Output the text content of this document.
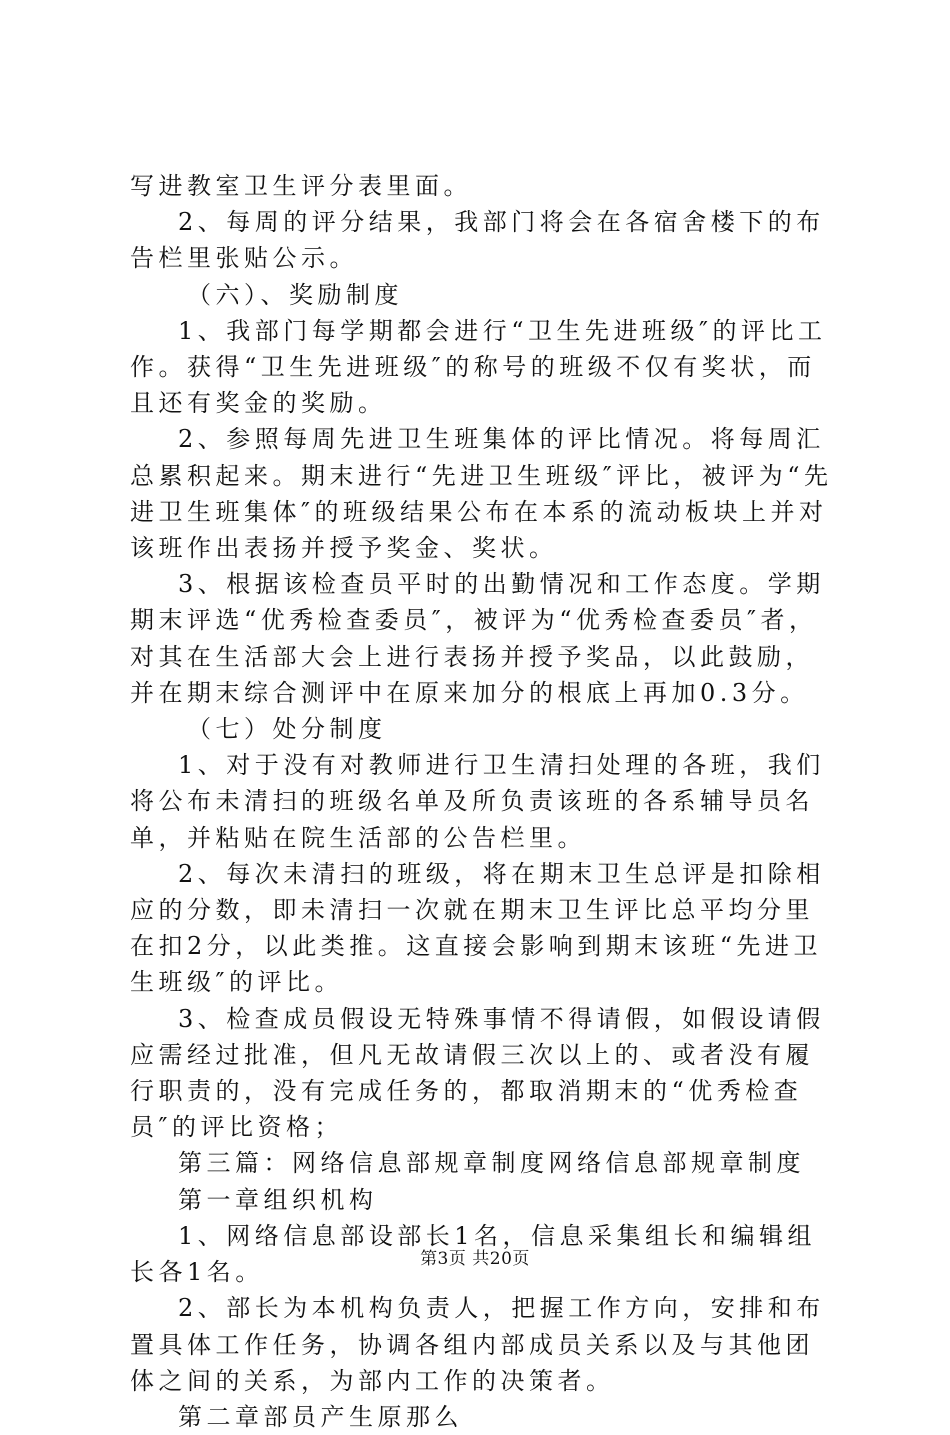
写进教室卫生评分表里面。

2、每周的评分结果，我部门将会在各宿舍楼下的布告栏里张贴公示。

（六）、奖励制度

1、我部门每学期都会进行“卫生先进班级″的评比工作。获得“卫生先进班级″的称号的班级不仅有奖状，而且还有奖金的奖励。

2、参照每周先进卫生班集体的评比情况。将每周汇总累积起来。期末进行“先进卫生班级″评比，被评为“先进卫生班集体″的班级结果公布在本系的流动板块上并对该班作出表扬并授予奖金、奖状。

3、根据该检查员平时的出勤情况和工作态度。学期期末评选“优秀检查委员″，被评为“优秀检查委员″者，对其在生活部大会上进行表扬并授予奖品，以此鼓励，并在期末综合测评中在原来加分的根底上再加0.3分。

（七）处分制度

1、对于没有对教师进行卫生清扫处理的各班，我们将公布未清扫的班级名单及所负责该班的各系辅导员名单，并粘贴在院生活部的公告栏里。

2、每次未清扫的班级，将在期末卫生总评是扣除相应的分数，即未清扫一次就在期末卫生评比总平均分里在扣2分，以此类推。这直接会影响到期末该班“先进卫生班级″的评比。

3、检查成员假设无特殊事情不得请假，如假设请假应需经过批准，但凡无故请假三次以上的、或者没有履行职责的，没有完成任务的，都取消期末的“优秀检查员″的评比资格；

第三篇：网络信息部规章制度网络信息部规章制度

第一章组织机构

1、网络信息部设部长1名，信息采集组长和编辑组长各1名。

2、部长为本机构负责人，把握工作方向，安排和布置具体工作任务，协调各组内部成员关系以及与其他团体之间的关系，为部内工作的决策者。

第二章部员产生原那么

第3页 共20页
